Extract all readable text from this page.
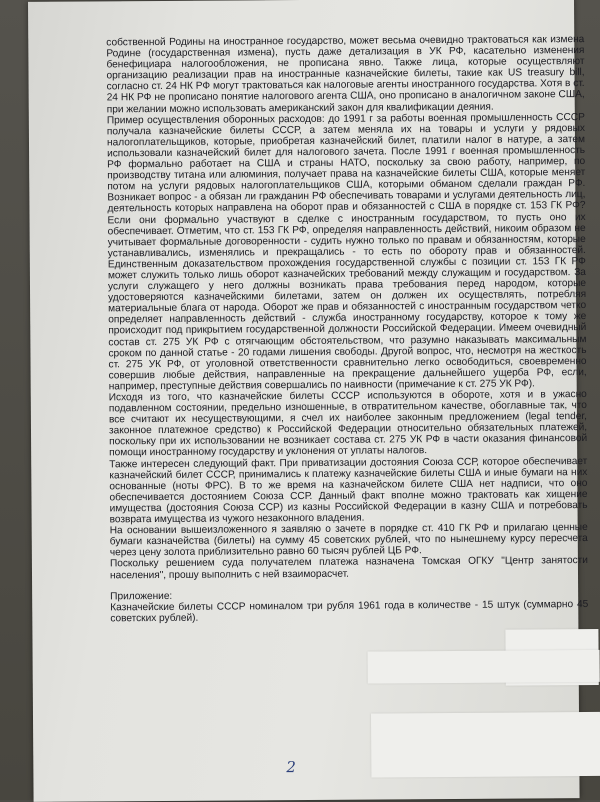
собственной Родины на иностранное государство, может весьма очевидно трактоваться как измена Родине (государственная измена), пусть даже детализация в УК РФ, касательно изменения бенефициара налогообложения, не прописана явно. Также лица, которые осуществляют организацию реализации прав на иностранные казначейские билеты, такие как US treasury bill, согласно ст. 24 НК РФ могут трактоваться как налоговые агенты иностранного государства. Хотя в ст. 24 НК РФ не прописано понятие налогового агента США, оно прописано в аналогичном законе США, при желании можно использовать американский закон для квалификации деяния.

Пример осуществления оборонных расходов: до 1991 г за работы военная промышленность СССР получала казначейские билеты СССР, а затем меняла их на товары и услуги у рядовых налогоплательщиков, которые, приобретая казначейский билет, платили налог в натуре, а затем использовали казначейский билет для налогового зачета. После 1991 г военная промышленность РФ формально работает на США и страны НАТО, поскольку за свою работу, например, по производству титана или алюминия, получает права на казначейские билеты США, которые меняет потом на услуги рядовых налогоплательщиков США, которыми обманом сделали граждан РФ. Возникает вопрос - а обязан ли гражданин РФ обеспечивать товарами и услугами деятельность лиц, деятельность которых направлена на оборот прав и обязанностей с США в порядке ст. 153 ГК РФ? Если они формально участвуют в сделке с иностранным государством, то пусть оно их обеспечивает. Отметим, что ст. 153 ГК РФ, определяя направленность действий, никоим образом не учитывает формальные договоренности - судить нужно только по правам и обязанностям, которые устанавливались, изменялись и прекращались - то есть по обороту прав и обязанностей. Единственным доказательством прохождения государственной службы с позиции ст. 153 ГК РФ может служить только лишь оборот казначейских требований между служащим и государством. За услуги служащего у него должны возникать права требования перед народом, которые удостоверяются казначейскими билетами, затем он должен их осуществлять, потребляя материальные блага от народа. Оборот же прав и обязанностей с иностранным государством четко определяет направленность действий - служба иностранному государству, которое к тому же происходит под прикрытием государственной должности Российской Федерации. Имеем очевидный состав ст. 275 УК РФ с отягчающим обстоятельством, что разумно наказывать максимальным сроком по данной статье - 20 годами лишения свободы. Другой вопрос, что, несмотря на жесткость ст. 275 УК РФ, от уголовной ответственности сравнительно легко освободиться, своевременно совершив любые действия, направленные на прекращение дальнейшего ущерба РФ, если, например, преступные действия совершались по наивности (примечание к ст. 275 УК РФ).

Исходя из того, что казначейские билеты СССР используются в обороте, хотя и в ужасно подавленном состоянии, предельно изношенные, в отвратительном качестве, обоглавные так, что все считают их несуществующими, я счел их наиболее законным предложением (legal tender, законное платежное средство) к Российской Федерации относительно обязательных платежей, поскольку при их использовании не возникает состава ст. 275 УК РФ в части оказания финансовой помощи иностранному государству и уклонения от уплаты налогов.

Также интересен следующий факт. При приватизации достояния Союза ССР, которое обеспечивает казначейский билет СССР, принимались к платежу казначейские билеты США и иные бумаги на них основанные (ноты ФРС). В то же время на казначейском билете США нет надписи, что оно обеспечивается достоянием Союза ССР. Данный факт вполне можно трактовать как хищение имущества (достояния Союза ССР) из казны Российской Федерации в казну США и потребовать возврата имущества из чужого незаконного владения.

На основании вышеизложенного я заявляю о зачете в порядке ст. 410 ГК РФ и прилагаю ценные бумаги казначейства (билеты) на сумму 45 советских рублей, что по нынешнему курсу пересчета через цену золота приблизительно равно 60 тысяч рублей ЦБ РФ.

Поскольку решением суда получателем платежа назначена Томская ОГКУ "Центр занятости населения", прошу выполнить с ней взаиморасчет.

Приложение:

Казначейские билеты СССР номиналом три рубля 1961 года в количестве - 15 штук (суммарно 45 советских рублей).

2
